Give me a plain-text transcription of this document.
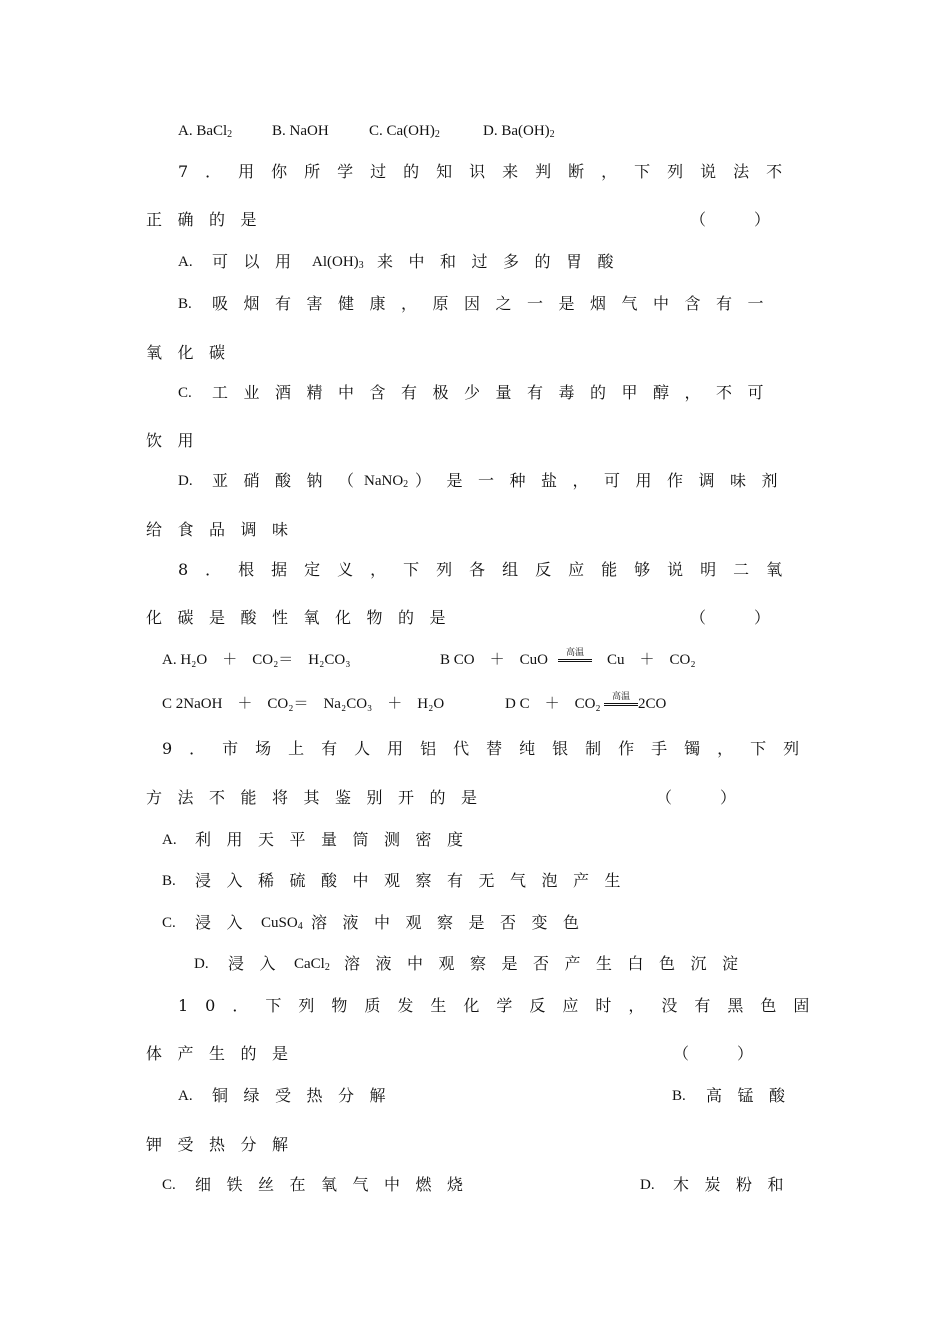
A. BaCl$_2$	B. NaOH	C. $Ca(OH)_2$	D. $Ba(OH)_2$
7．用你所学过的知识来判断，下列说法不
正确的是	（　　　）
A. 可以用 $Al(OH)_3$ 来中和过多的胃酸
B. 吸烟有害健康，原因之一是烟气中含有一
氧化碳
C. 工业酒精中含有极少量有毒的甲醇，不可
饮用
D. 亚硝酸钠（
NaNO$_2$ ）是一种盐，可用作调味剂
给食品调味
8．根据定义，下列各组反应能够说明二氧
化碳是酸性氧化物的是	（　　　）
A. H₂O　＋　CO₂＝　H₂CO₃	B CO　＋　CuO	高温	Cu　＋　CO₂
C 2NaOH　＋　CO₂＝　Na₂CO₃　＋　H₂O	D C　＋　CO₂	高温 2CO
9．市场上有人用铝代替纯银制作手镯，下列
方法不能将其鉴别开的是	（　　　）
A. 利用天平量筒测密度
B. 浸入稀硫酸中观察有无气泡产生
C. 浸入 CuSO$_4$ 溶液中观察是否变色
D. 浸入 CaCl$_2$ 溶液中观察是否产生白色沉淀
10．下列物质发生化学反应时，没有黑色固
体产生的是	（　　　）
A. 铜绿受热分解	B. 高锰酸
钾受热分解
C. 细铁丝在氧气中燃烧	D. 木炭粉和
